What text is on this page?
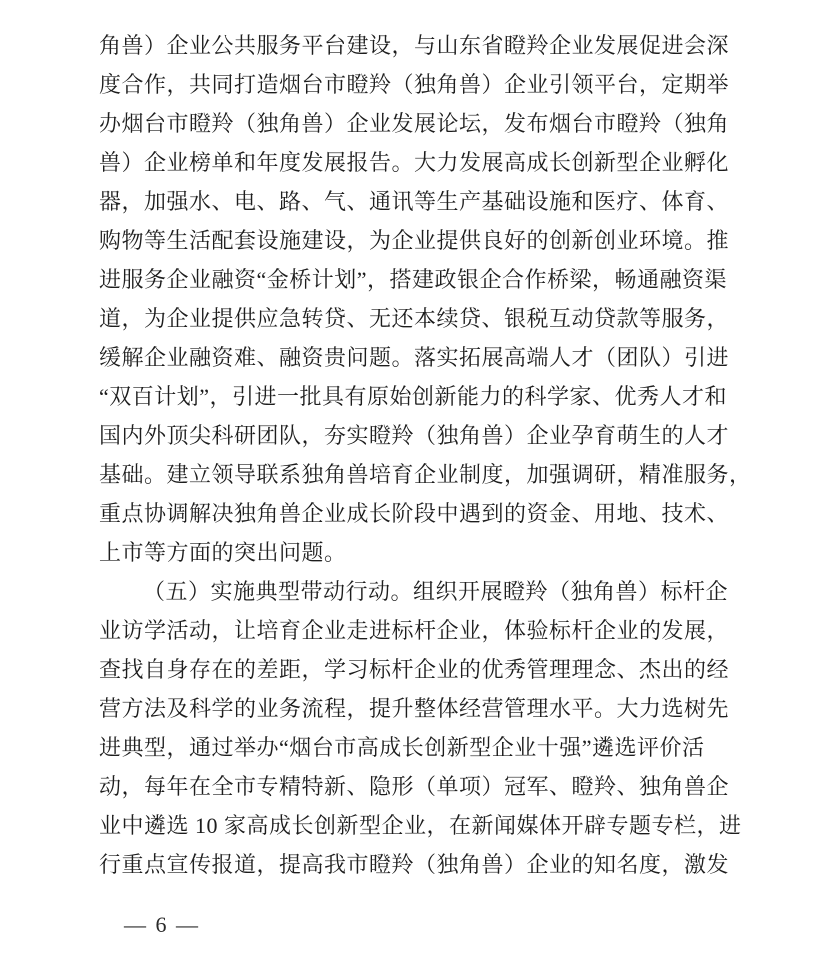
角兽）企业公共服务平台建设，与山东省瞪羚企业发展促进会深
度合作，共同打造烟台市瞪羚（独角兽）企业引领平台，定期举
办烟台市瞪羚（独角兽）企业发展论坛，发布烟台市瞪羚（独角
兽）企业榜单和年度发展报告。大力发展高成长创新型企业孵化
器，加强水、电、路、气、通讯等生产基础设施和医疗、体育、
购物等生活配套设施建设，为企业提供良好的创新创业环境。推
进服务企业融资“金桥计划”，搭建政银企合作桥梁，畅通融资渠
道，为企业提供应急转贷、无还本续贷、银税互动贷款等服务，
缓解企业融资难、融资贵问题。落实拓展高端人才（团队）引进
“双百计划”，引进一批具有原始创新能力的科学家、优秀人才和
国内外顶尖科研团队，夯实瞪羚（独角兽）企业孕育萌生的人才
基础。建立领导联系独角兽培育企业制度，加强调研，精准服务，
重点协调解决独角兽企业成长阶段中遇到的资金、用地、技术、
上市等方面的突出问题。
（五）实施典型带动行动。组织开展瞪羚（独角兽）标杆企
业访学活动，让培育企业走进标杆企业，体验标杆企业的发展，
查找自身存在的差距，学习标杆企业的优秀管理理念、杰出的经
营方法及科学的业务流程，提升整体经营管理水平。大力选树先
进典型，通过举办“烟台市高成长创新型企业十强”遴选评价活
动，每年在全市专精特新、隐形（单项）冠军、瞪羚、独角兽企
业中遴选 10 家高成长创新型企业，在新闻媒体开辟专题专栏，进
行重点宣传报道，提高我市瞪羚（独角兽）企业的知名度，激发
— 6 —
